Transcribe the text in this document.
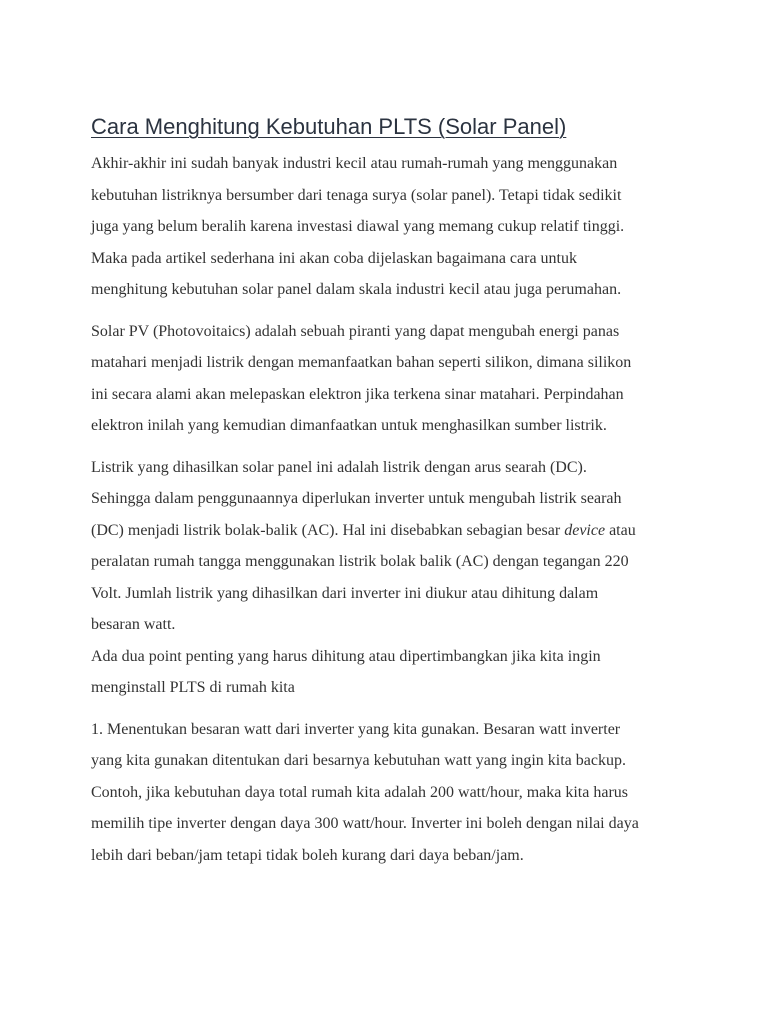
Cara Menghitung Kebutuhan PLTS (Solar Panel)

Akhir-akhir ini sudah banyak industri kecil atau rumah-rumah yang menggunakan
kebutuhan listriknya bersumber dari tenaga surya (solar panel). Tetapi tidak sedikit
juga yang belum beralih karena investasi diawal yang memang cukup relatif tinggi.
Maka pada artikel sederhana ini akan coba dijelaskan bagaimana cara untuk
menghitung kebutuhan solar panel dalam skala industri kecil atau juga perumahan.

Solar PV (Photovoitaics) adalah sebuah piranti yang dapat mengubah energi panas
matahari menjadi listrik dengan memanfaatkan bahan seperti silikon, dimana silikon
ini secara alami akan melepaskan elektron jika terkena sinar matahari. Perpindahan
elektron inilah yang kemudian dimanfaatkan untuk menghasilkan sumber listrik.

Listrik yang dihasilkan solar panel ini adalah listrik dengan arus searah (DC).
Sehingga dalam penggunaannya diperlukan inverter untuk mengubah listrik searah
(DC) menjadi listrik bolak-balik (AC). Hal ini disebabkan sebagian besar device atau
peralatan rumah tangga menggunakan listrik bolak balik (AC) dengan tegangan 220
Volt. Jumlah listrik yang dihasilkan dari inverter ini diukur atau dihitung dalam
besaran watt.
Ada dua point penting yang harus dihitung atau dipertimbangkan jika kita ingin
menginstall PLTS di rumah kita

1. Menentukan besaran watt dari inverter yang kita gunakan. Besaran watt inverter
yang kita gunakan ditentukan dari besarnya kebutuhan watt yang ingin kita backup.
Contoh, jika kebutuhan daya total rumah kita adalah 200 watt/hour, maka kita harus
memilih tipe inverter dengan daya 300 watt/hour. Inverter ini boleh dengan nilai daya
lebih dari beban/jam tetapi tidak boleh kurang dari daya beban/jam.
